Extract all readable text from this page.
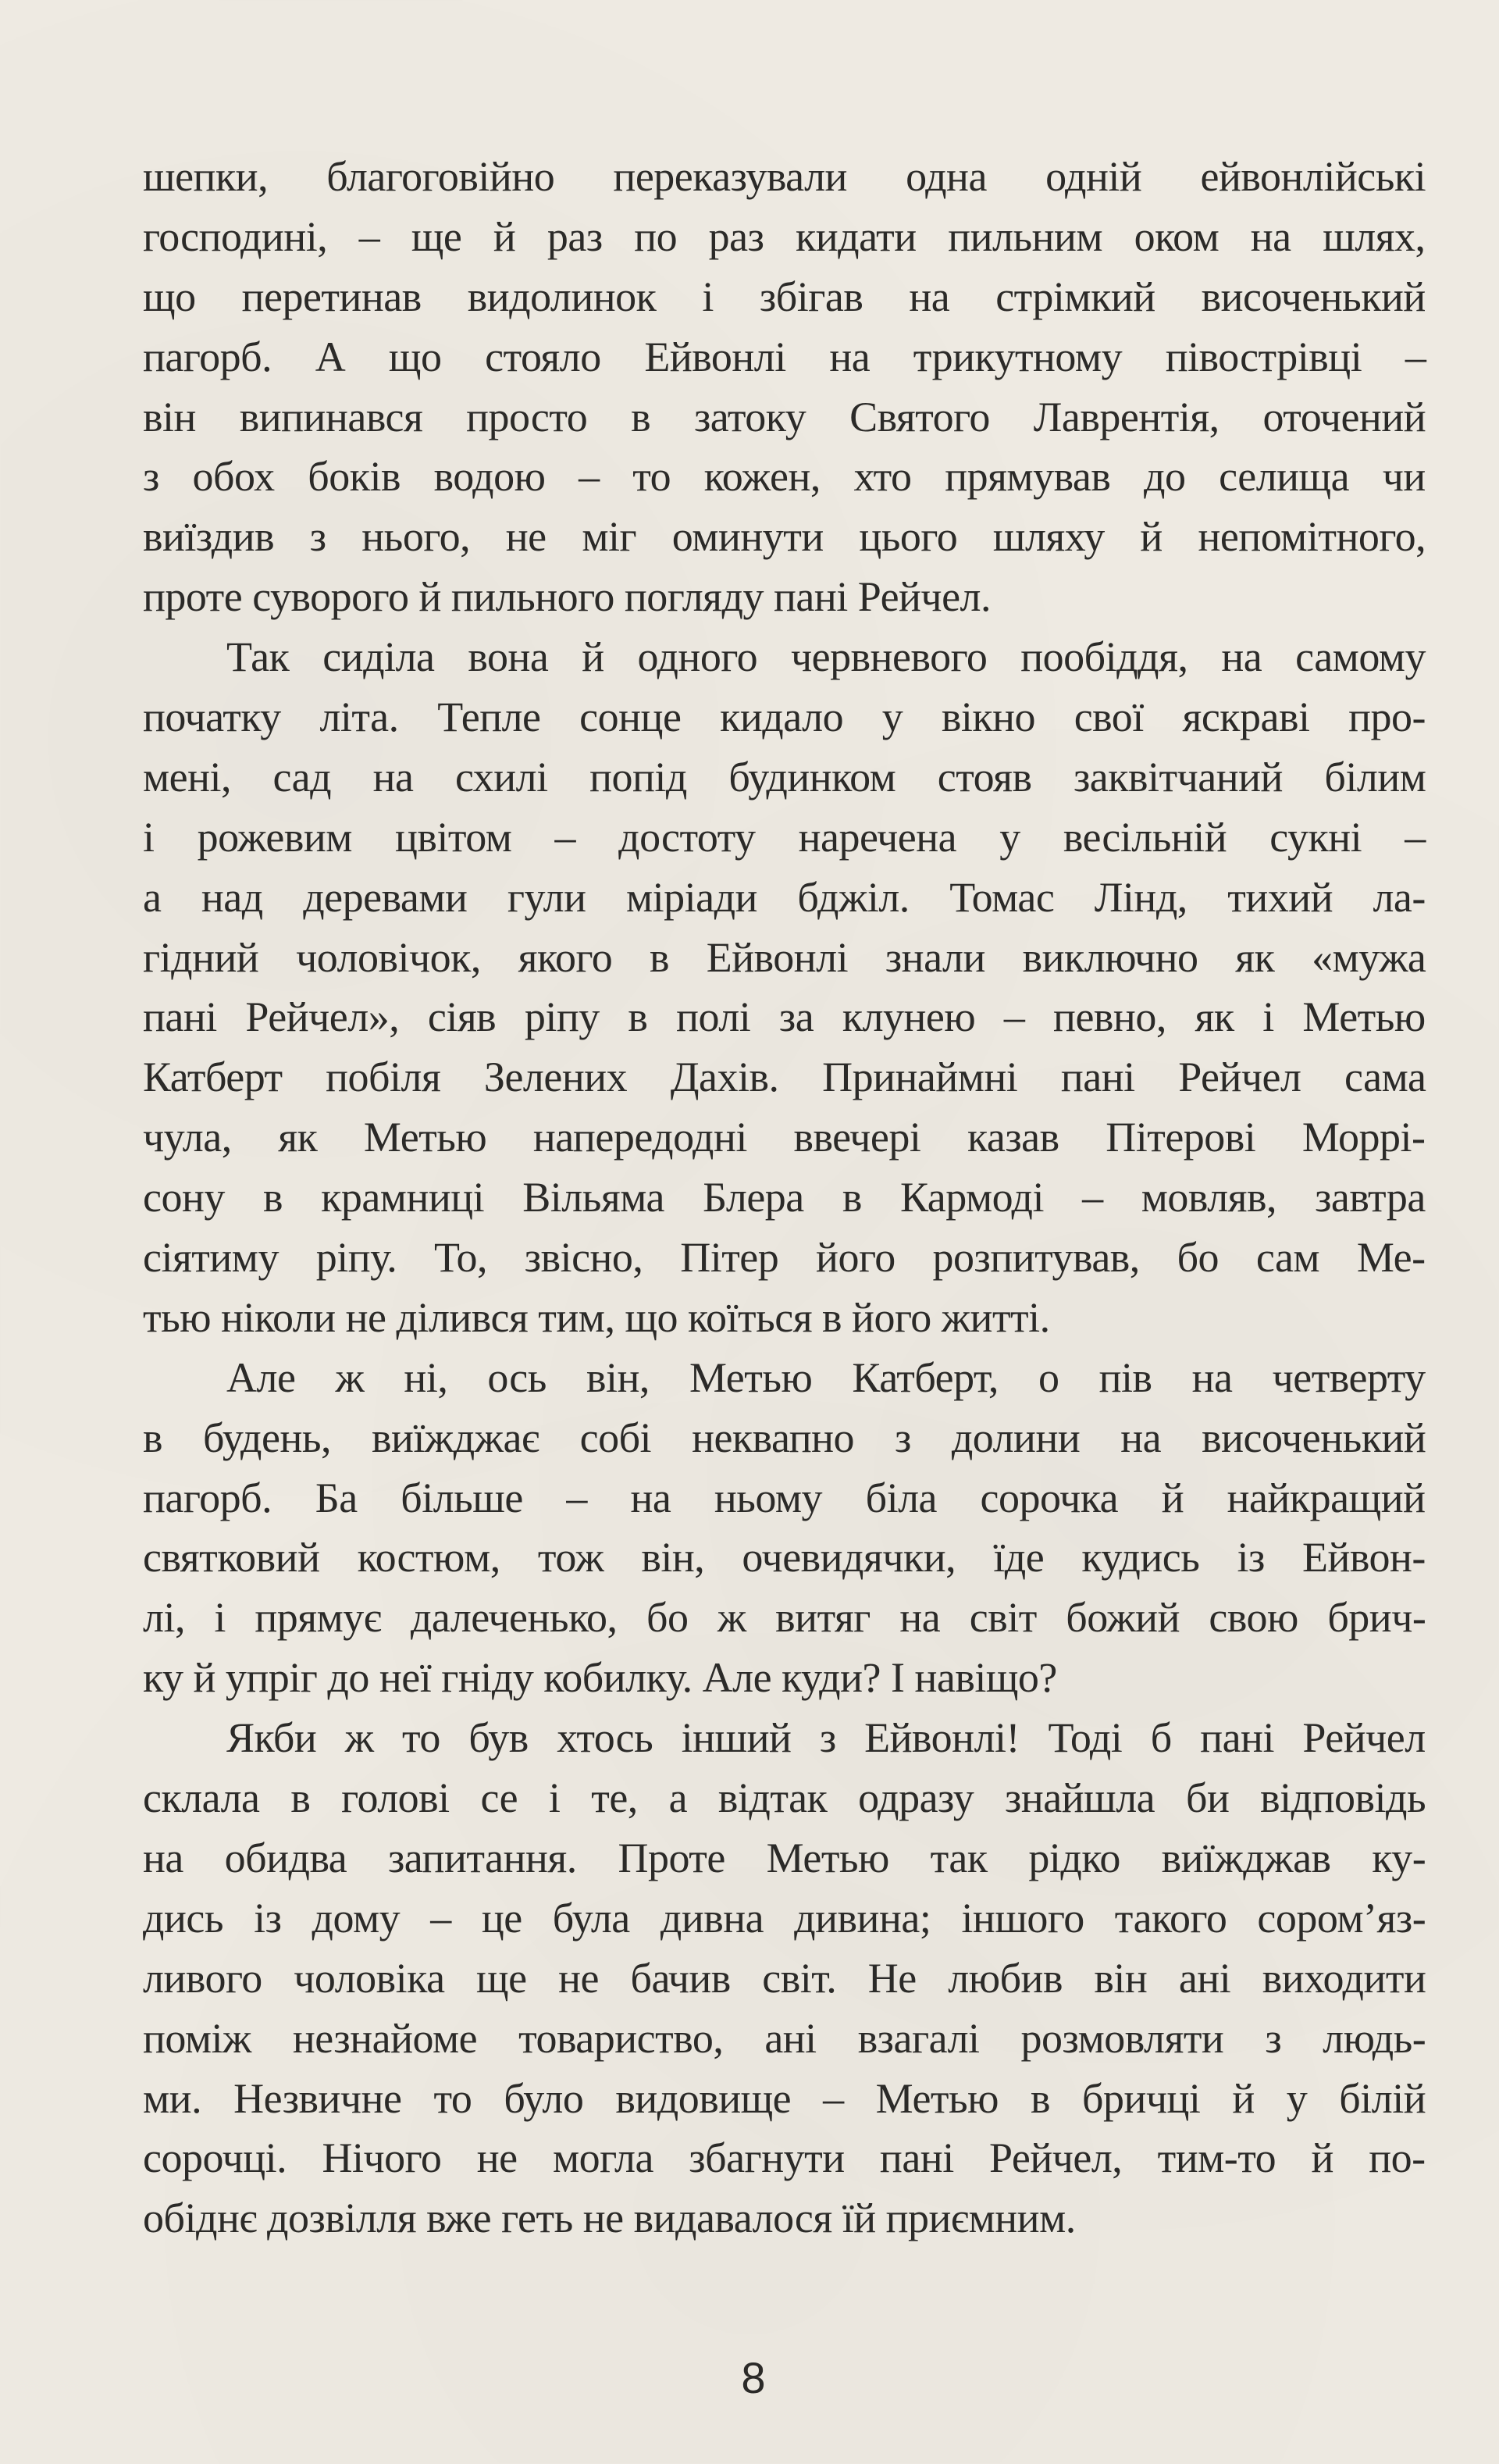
шепки, благоговійно переказували одна одній ейвонлійські
господині, – ще й раз по раз кидати пильним оком на шлях,
що перетинав видолинок і збігав на стрімкий височенький
пагорб. А що стояло Ейвонлі на трикутному півострівці –
він випинався просто в затоку Святого Лаврентія, оточений
з обох боків водою – то кожен, хто прямував до селища чи
виїздив з нього, не міг оминути цього шляху й непомітного,
проте суворого й пильного погляду пані Рейчел.
Так сиділа вона й одного червневого пообіддя, на самому
початку літа. Тепле сонце кидало у вікно свої яскраві про-
мені, сад на схилі попід будинком стояв заквітчаний білим
і рожевим цвітом – достоту наречена у весільній сукні –
а над деревами гули міріади бджіл. Томас Лінд, тихий ла-
гідний чоловічок, якого в Ейвонлі знали виключно як «мужа
пані Рейчел», сіяв ріпу в полі за клунею – певно, як і Метью
Катберт побіля Зелених Дахів. Принаймні пані Рейчел сама
чула, як Метью напередодні ввечері казав Пітерові Моррі-
сону в крамниці Вільяма Блера в Кармоді – мовляв, завтра
сіятиму ріпу. То, звісно, Пітер його розпитував, бо сам Ме-
тью ніколи не ділився тим, що коїться в його житті.
Але ж ні, ось він, Метью Катберт, о пів на четверту
в будень, виїжджає собі неквапно з долини на височенький
пагорб. Ба більше – на ньому біла сорочка й найкращий
святковий костюм, тож він, очевидячки, їде кудись із Ейвон-
лі, і прямує далеченько, бо ж витяг на світ божий свою брич-
ку й упріг до неї гніду кобилку. Але куди? І навіщо?
Якби ж то був хтось інший з Ейвонлі! Тоді б пані Рейчел
склала в голові се і те, а відтак одразу знайшла би відповідь
на обидва запитання. Проте Метью так рідко виїжджав ку-
дись із дому – це була дивна дивина; іншого такого сором’яз-
ливого чоловіка ще не бачив світ. Не любив він ані виходити
поміж незнайоме товариство, ані взагалі розмовляти з людь-
ми. Незвичне то було видовище – Метью в бричці й у білій
сорочці. Нічого не могла збагнути пані Рейчел, тим-то й по-
обіднє дозвілля вже геть не видавалося їй приємним.
8
